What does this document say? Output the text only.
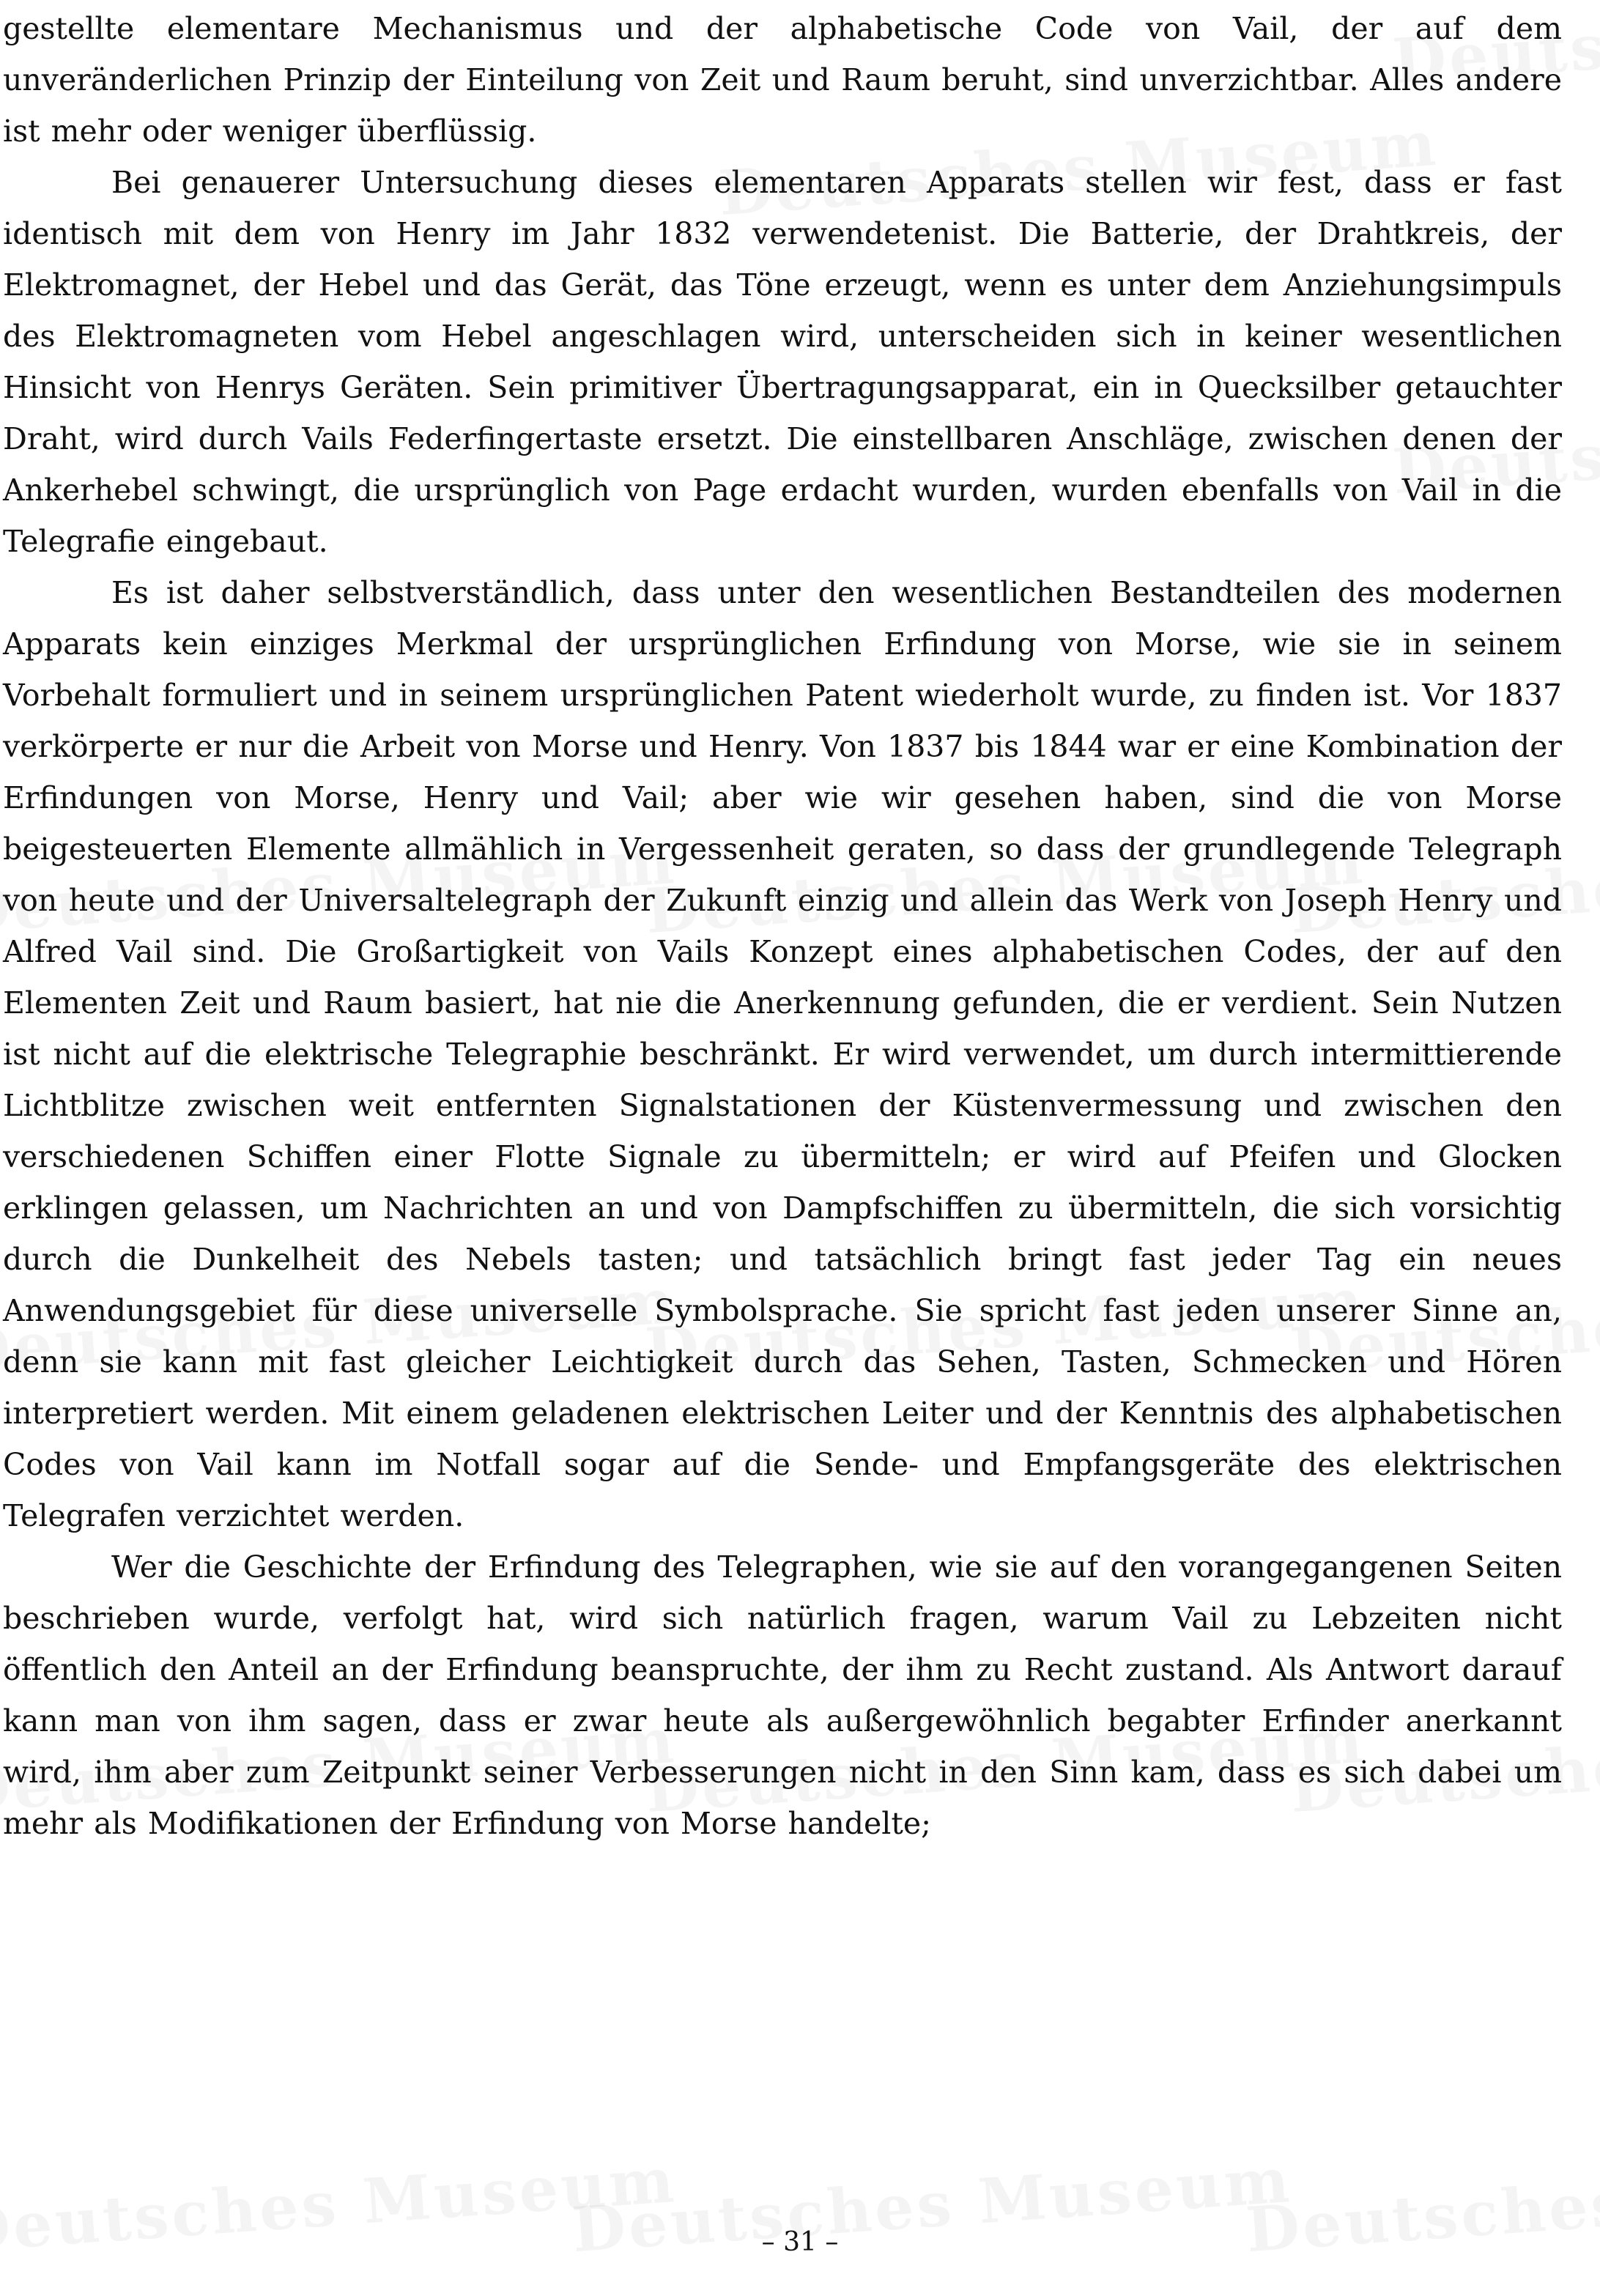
gestellte elementare Mechanismus und der alphabetische Code von Vail, der auf dem unveränderlichen Prinzip der Einteilung von Zeit und Raum beruht, sind unverzichtbar. Alles andere ist mehr oder weniger überflüssig.

Bei genauerer Untersuchung dieses elementaren Apparats stellen wir fest, dass er fast identisch mit dem von Henry im Jahr 1832 verwendetenist. Die Batterie, der Drahtkreis, der Elektromagnet, der Hebel und das Gerät, das Töne erzeugt, wenn es unter dem Anziehungsimpuls des Elektromagneten vom Hebel angeschlagen wird, unterscheiden sich in keiner wesentlichen Hinsicht von Henrys Geräten. Sein primitiver Übertragungsapparat, ein in Quecksilber getauchter Draht, wird durch Vails Federfingertaste ersetzt. Die einstellbaren Anschläge, zwischen denen der Ankerhebel schwingt, die ursprünglich von Page erdacht wurden, wurden ebenfalls von Vail in die Telegrafie eingebaut.

Es ist daher selbstverständlich, dass unter den wesentlichen Bestandteilen des modernen Apparats kein einziges Merkmal der ursprünglichen Erfindung von Morse, wie sie in seinem Vorbehalt formuliert und in seinem ursprünglichen Patent wiederholt wurde, zu finden ist. Vor 1837 verkörperte er nur die Arbeit von Morse und Henry. Von 1837 bis 1844 war er eine Kombination der Erfindungen von Morse, Henry und Vail; aber wie wir gesehen haben, sind die von Morse beigesteuerten Elemente allmählich in Vergessenheit geraten, so dass der grundlegende Telegraph von heute und der Universaltelegraph der Zukunft einzig und allein das Werk von Joseph Henry und Alfred Vail sind. Die Großartigkeit von Vails Konzept eines alphabetischen Codes, der auf den Elementen Zeit und Raum basiert, hat nie die Anerkennung gefunden, die er verdient. Sein Nutzen ist nicht auf die elektrische Telegraphie beschränkt. Er wird verwendet, um durch intermittierende Lichtblitze zwischen weit entfernten Signalstationen der Küstenvermessung und zwischen den verschiedenen Schiffen einer Flotte Signale zu übermitteln; er wird auf Pfeifen und Glocken erklingen gelassen, um Nachrichten an und von Dampfschiffen zu übermitteln, die sich vorsichtig durch die Dunkelheit des Nebels tasten; und tatsächlich bringt fast jeder Tag ein neues Anwendungsgebiet für diese universelle Symbolsprache. Sie spricht fast jeden unserer Sinne an, denn sie kann mit fast gleicher Leichtigkeit durch das Sehen, Tasten, Schmecken und Hören interpretiert werden. Mit einem geladenen elektrischen Leiter und der Kenntnis des alphabetischen Codes von Vail kann im Notfall sogar auf die Sende- und Empfangsgeräte des elektrischen Telegrafen verzichtet werden.

Wer die Geschichte der Erfindung des Telegraphen, wie sie auf den vorangegangenen Seiten beschrieben wurde, verfolgt hat, wird sich natürlich fragen, warum Vail zu Lebzeiten nicht öffentlich den Anteil an der Erfindung beanspruchte, der ihm zu Recht zustand. Als Antwort darauf kann man von ihm sagen, dass er zwar heute als außergewöhnlich begabter Erfinder anerkannt wird, ihm aber zum Zeitpunkt seiner Verbesserungen nicht in den Sinn kam, dass es sich dabei um mehr als Modifikationen der Erfindung von Morse handelte;

– 31 –
